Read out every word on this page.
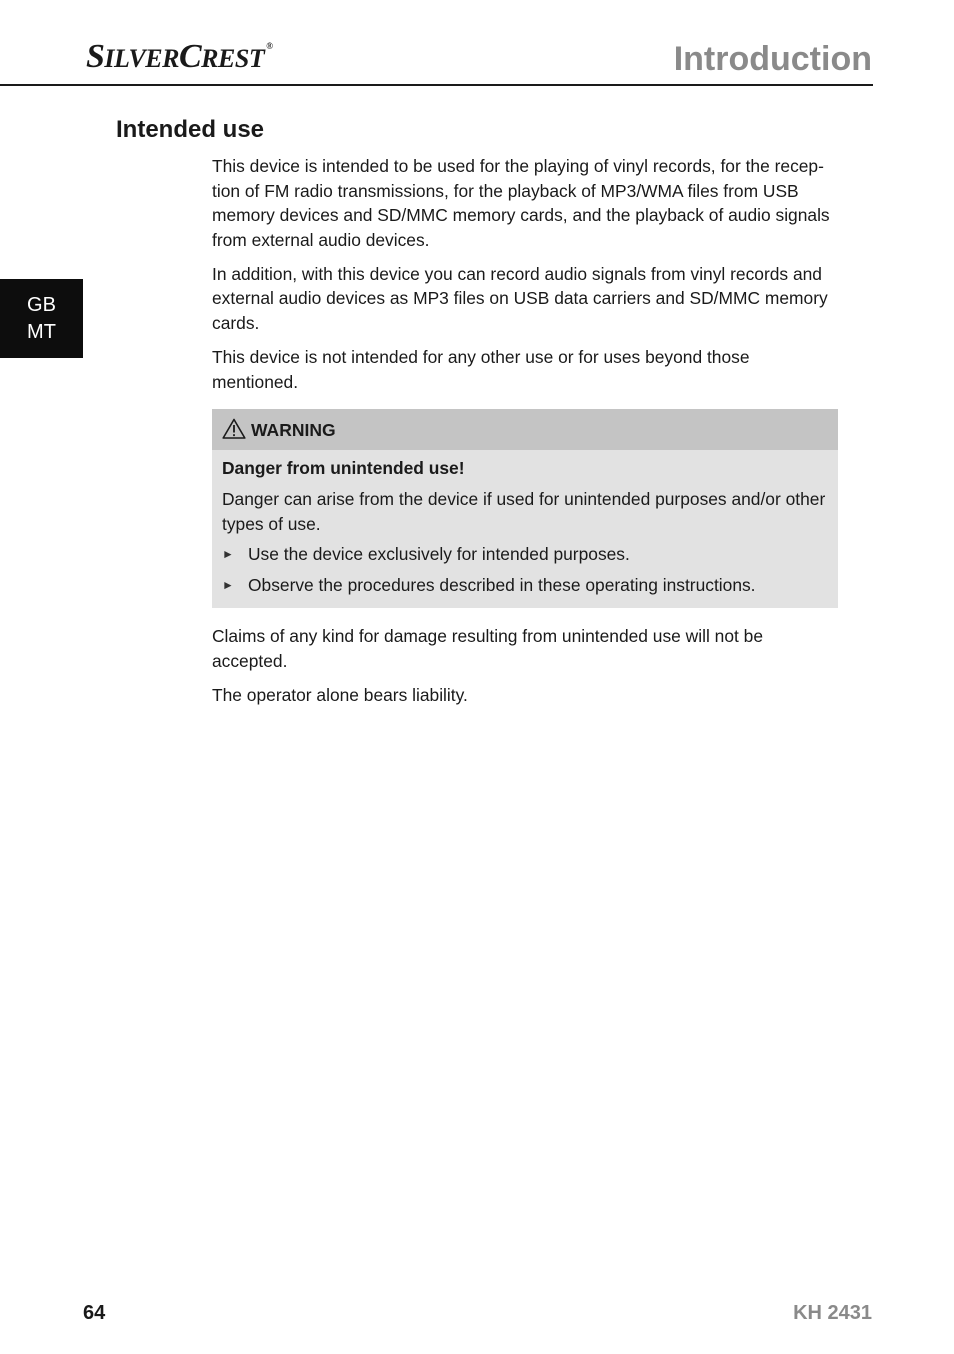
SILVERCREST ®	Introduction
GB
MT
Intended use

This device is intended to be used for the playing of vinyl records, for the recep-tion of FM radio transmissions, for the playback of MP3/WMA files from USB memory devices and SD/MMC memory cards, and the playback of audio signals from external audio devices.

In addition, with this device you can record audio signals from vinyl records and external audio devices as MP3 files on USB data carriers and SD/MMC memory cards.

This device is not intended for any other use or for uses beyond those mentioned.

WARNING

Danger from unintended use!

Danger can arise from the device if used for unintended purposes and/or other types of use.

► Use the device exclusively for intended purposes.
► Observe the procedures described in these operating instructions.

Claims of any kind for damage resulting from unintended use will not be accepted.

The operator alone bears liability.

64	KH 2431
